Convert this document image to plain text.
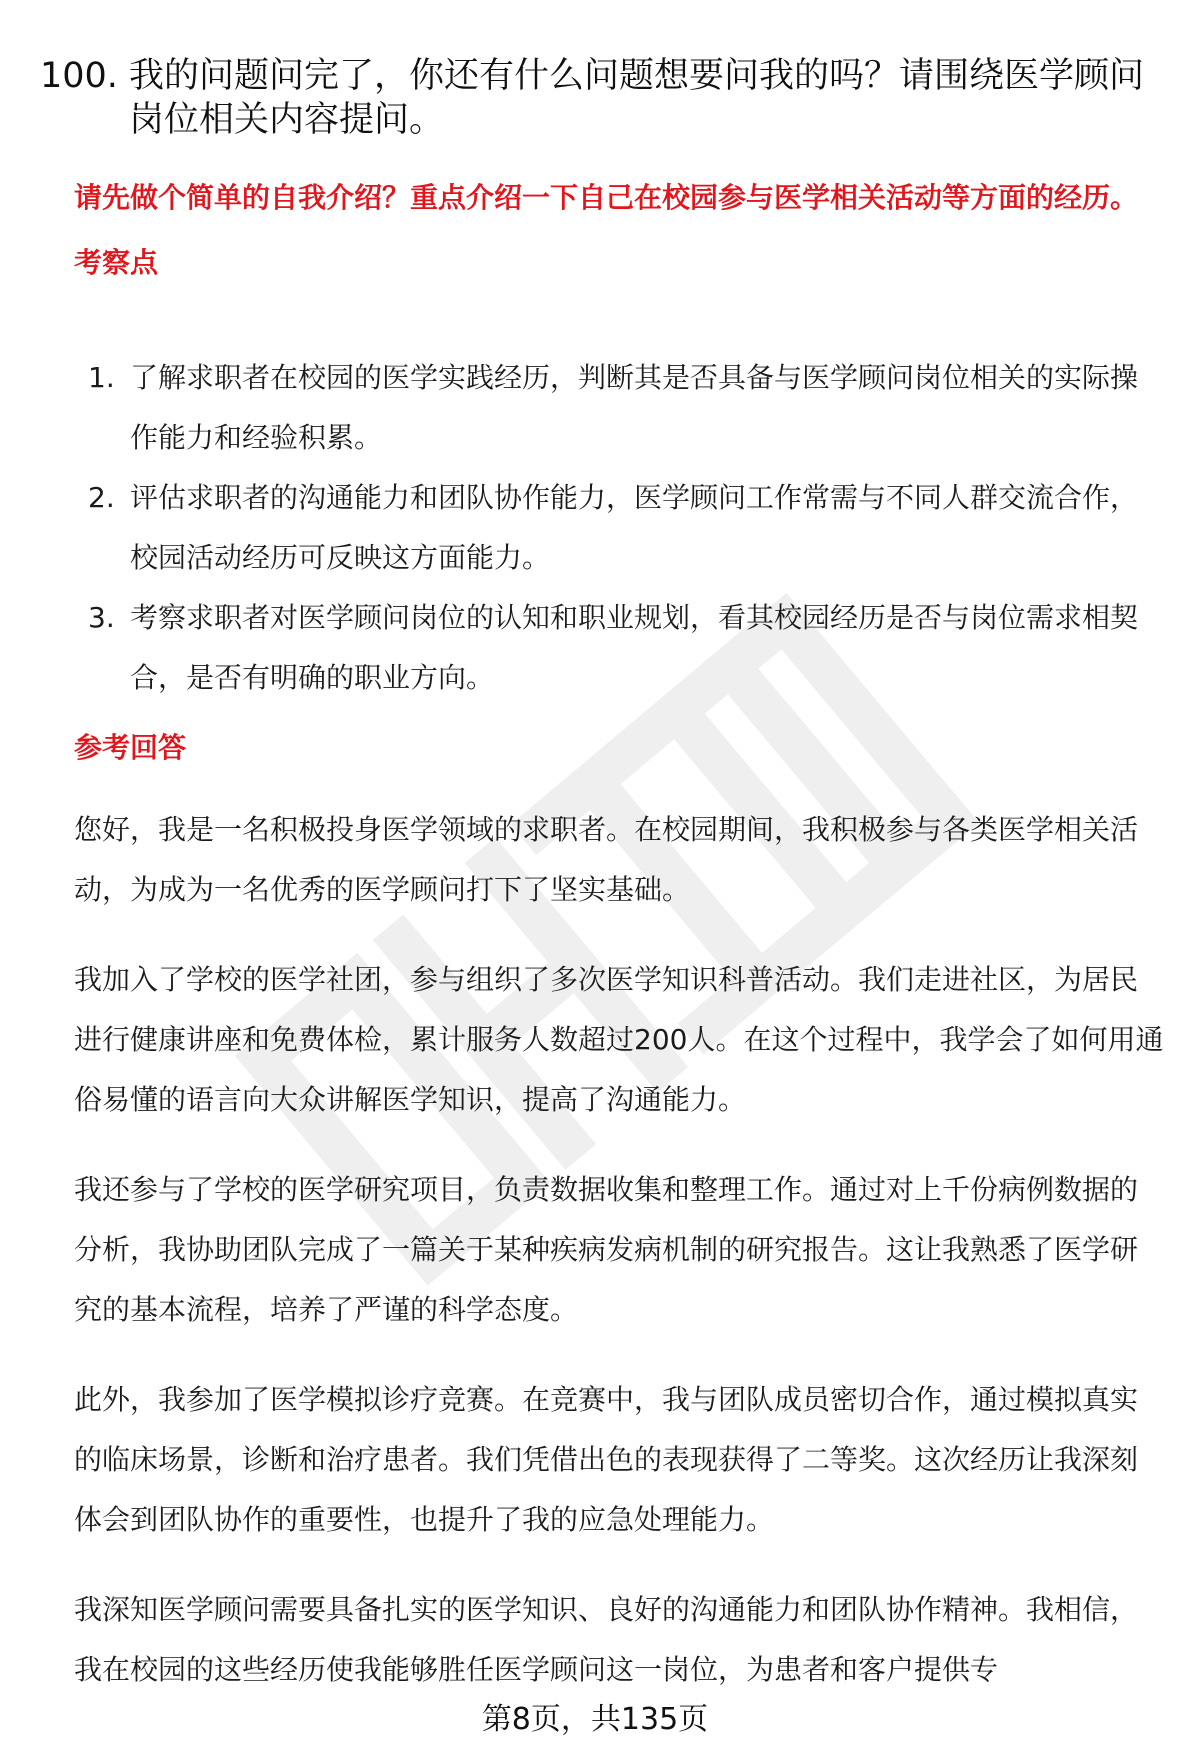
100. 我的问题问完了，你还有什么问题想要问我的吗？请围绕医学顾问岗位相关内容提问。
请先做个简单的自我介绍？重点介绍一下自己在校园参与医学相关活动等方面的经历。
考察点
1. 了解求职者在校园的医学实践经历，判断其是否具备与医学顾问岗位相关的实际操作能力和经验积累。
2. 评估求职者的沟通能力和团队协作能力，医学顾问工作常需与不同人群交流合作，校园活动经历可反映这方面能力。
3. 考察求职者对医学顾问岗位的认知和职业规划，看其校园经历是否与岗位需求相契合，是否有明确的职业方向。
参考回答

您好，我是一名积极投身医学领域的求职者。在校园期间，我积极参与各类医学相关活动，为成为一名优秀的医学顾问打下了坚实基础。

我加入了学校的医学社团，参与组织了多次医学知识科普活动。我们走进社区，为居民进行健康讲座和免费体检，累计服务人数超过200人。在这个过程中，我学会了如何用通俗易懂的语言向大众讲解医学知识，提高了沟通能力。

我还参与了学校的医学研究项目，负责数据收集和整理工作。通过对上千份病例数据的分析，我协助团队完成了一篇关于某种疾病发病机制的研究报告。这让我熟悉了医学研究的基本流程，培养了严谨的科学态度。

此外，我参加了医学模拟诊疗竞赛。在竞赛中，我与团队成员密切合作，通过模拟真实的临床场景，诊断和治疗患者。我们凭借出色的表现获得了二等奖。这次经历让我深刻体会到团队协作的重要性，也提升了我的应急处理能力。

我深知医学顾问需要具备扎实的医学知识、良好的沟通能力和团队协作精神。我相信，我在校园的这些经历使我能够胜任医学顾问这一岗位，为患者和客户提供专

第8页，共135页
